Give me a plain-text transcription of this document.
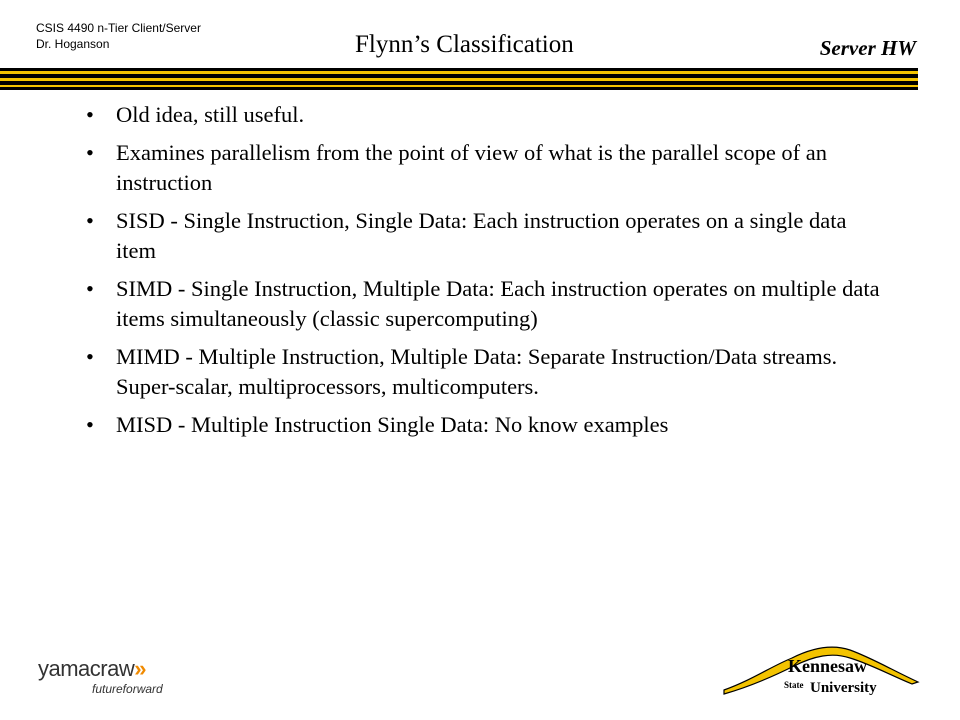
CSIS 4490 n-Tier Client/Server
Dr. Hoganson	Flynn’s Classification	Server HW
• Old idea, still useful.
• Examines parallelism from the point of view of what is the parallel scope of an instruction
• SISD - Single Instruction, Single Data: Each instruction operates on a single data item
• SIMD - Single Instruction, Multiple Data: Each instruction operates on multiple data items simultaneously (classic supercomputing)
• MIMD - Multiple Instruction, Multiple Data: Separate Instruction/Data streams. Super-scalar, multiprocessors, multicomputers.
• MISD - Multiple Instruction Single Data: No know examples
yamacraw»
futureforward
Kennesaw
State University
